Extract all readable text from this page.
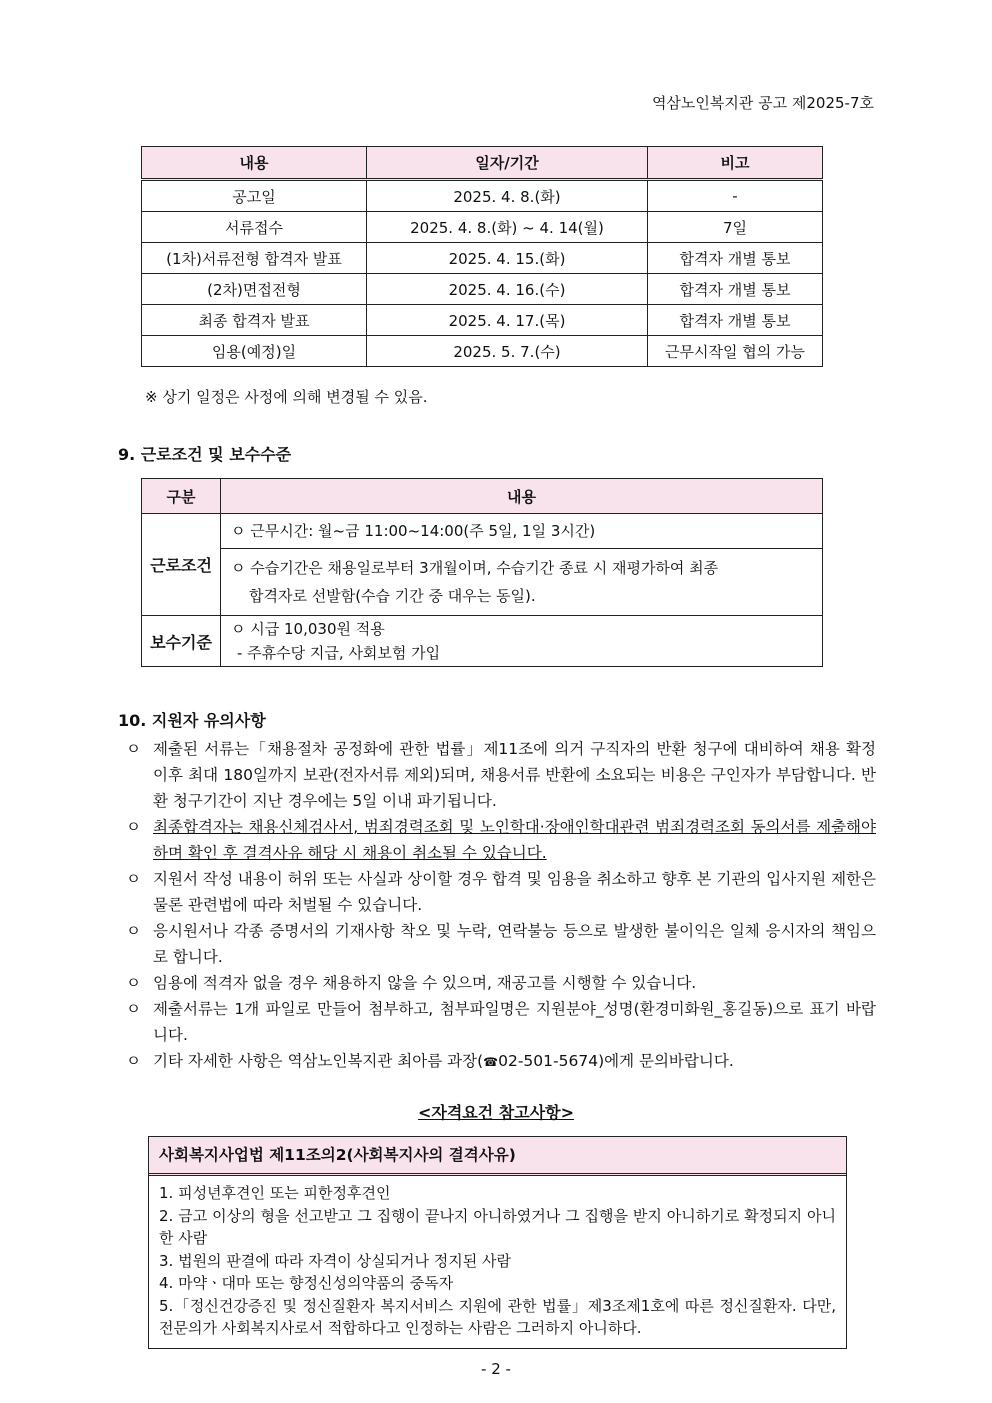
역삼노인복지관 공고 제2025-7호
내용	일자/기간	비고
공고일	2025. 4. 8.(화)	-
서류접수	2025. 4. 8.(화) ~ 4. 14(월)	7일
(1차)서류전형 합격자 발표	2025. 4. 15.(화)	합격자 개별 통보
(2차)면접전형	2025. 4. 16.(수)	합격자 개별 통보
최종 합격자 발표	2025. 4. 17.(목)	합격자 개별 통보
임용(예정)일	2025. 5. 7.(수)	근무시작일 협의 가능
※ 상기 일정은 사정에 의해 변경될 수 있음.
9. 근로조건 및 보수수준
구분	내용
근로조건	ㅇ 근무시간: 월~금 11:00~14:00(주 5일, 1일 3시간)

	ㅇ 수습기간은 채용일로부터 3개월이며, 수습기간 종료 시 재평가하여 최종
합격자로 선발함(수습 기간 중 대우는 동일).

보수기준	ㅇ 시급 10,030원 적용
- 주휴수당 지급, 사회보험 가입
10. 지원자 유의사항
ㅇ 제출된 서류는「채용절차 공정화에 관한 법률」제11조에 의거 구직자의 반환 청구에 대비하여 채용 확정 이후 최대 180일까지 보관(전자서류 제외)되며, 채용서류 반환에 소요되는 비용은 구인자가 부담합니다. 반환 청구기간이 지난 경우에는 5일 이내 파기됩니다.
ㅇ 최종합격자는 채용신체검사서, 범죄경력조회 및 노인학대·장애인학대관련 범죄경력조회 동의서를 제출해야 하며 확인 후 결격사유 해당 시 채용이 취소될 수 있습니다.
ㅇ 지원서 작성 내용이 허위 또는 사실과 상이할 경우 합격 및 임용을 취소하고 향후 본 기관의 입사지원 제한은 물론 관련법에 따라 처벌될 수 있습니다.
ㅇ 응시원서나 각종 증명서의 기재사항 착오 및 누락, 연락불능 등으로 발생한 불이익은 일체 응시자의 책임으로 합니다.
ㅇ 임용에 적격자 없을 경우 채용하지 않을 수 있으며, 재공고를 시행할 수 있습니다.
ㅇ 제출서류는 1개 파일로 만들어 첨부하고, 첨부파일명은 지원분야_성명(환경미화원_홍길동)으로 표기 바랍니다.
ㅇ 기타 자세한 사항은 역삼노인복지관 최아름 과장(☎02-501-5674)에게 문의바랍니다.
<자격요건 참고사항>
사회복지사업법 제11조의2(사회복지사의 결격사유)
1. 피성년후견인 또는 피한정후견인
2. 금고 이상의 형을 선고받고 그 집행이 끝나지 아니하였거나 그 집행을 받지 아니하기로 확정되지 아니한 사람
3. 법원의 판결에 따라 자격이 상실되거나 정지된 사람
4. 마약ㆍ대마 또는 향정신성의약품의 중독자
5.「정신건강증진 및 정신질환자 복지서비스 지원에 관한 법률」제3조제1호에 따른 정신질환자. 다만, 전문의가 사회복지사로서 적합하다고 인정하는 사람은 그러하지 아니하다.
- 2 -
